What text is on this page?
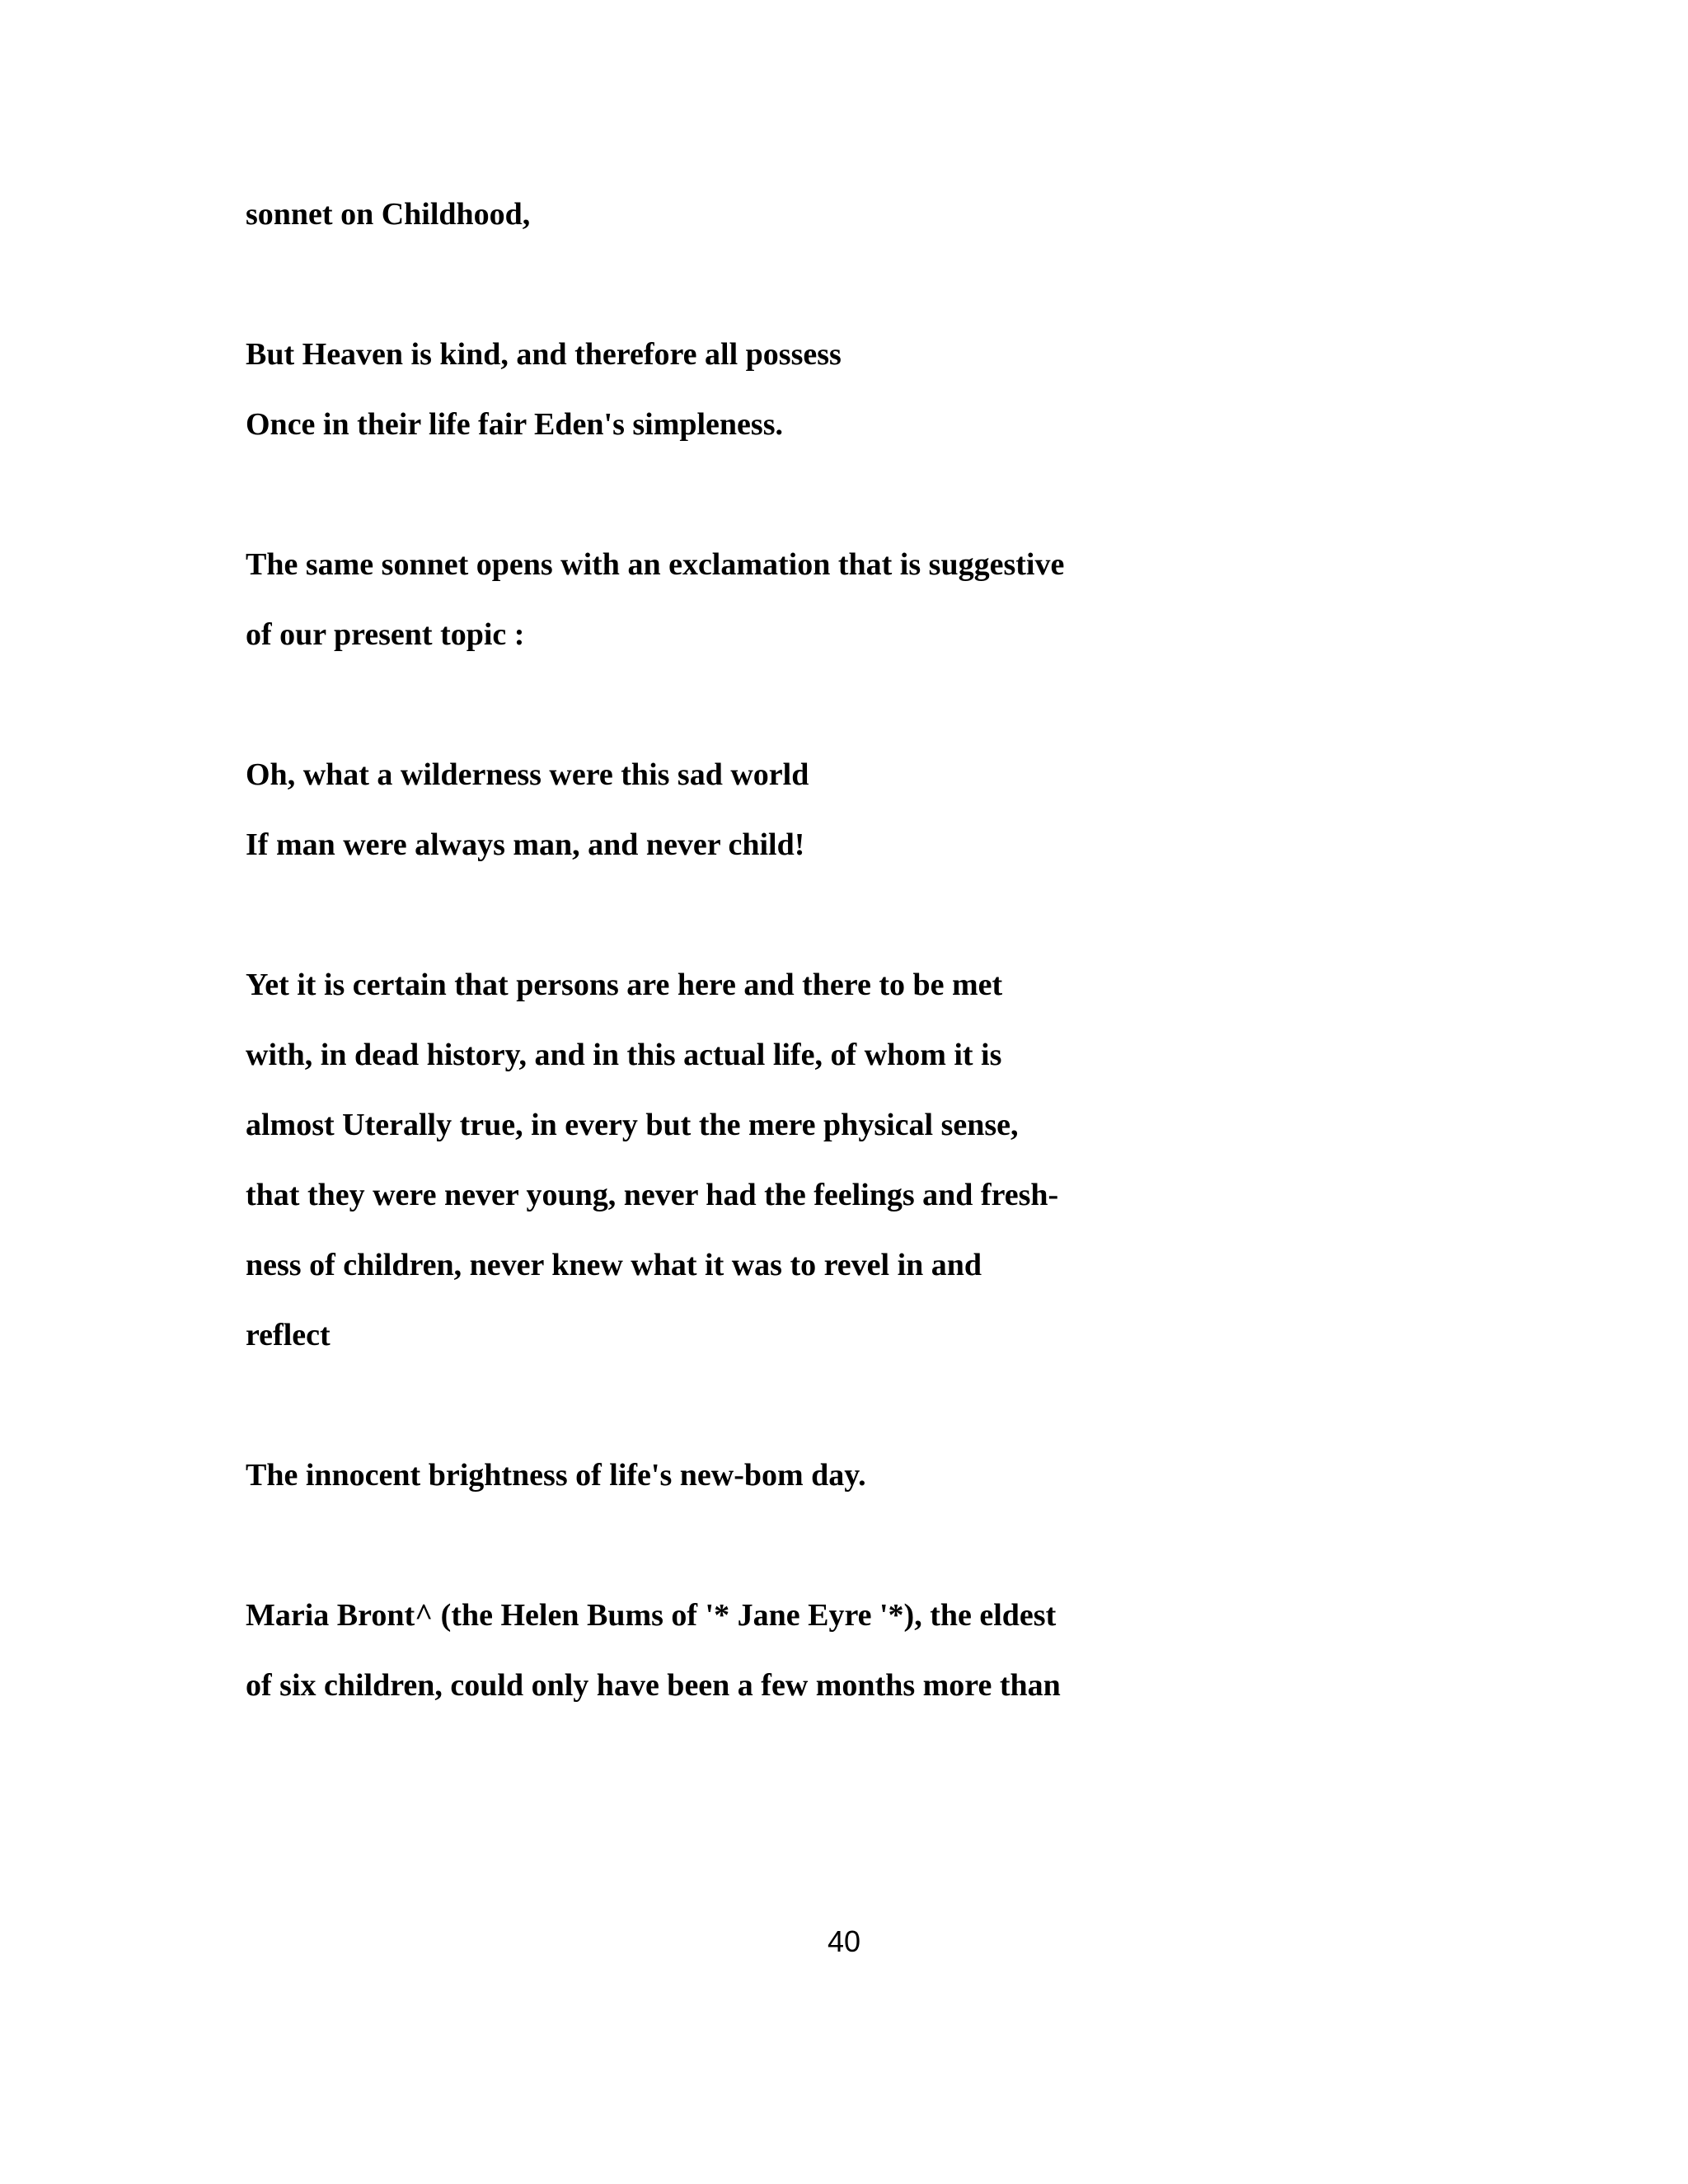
sonnet on Childhood,

But Heaven is kind, and therefore all possess

Once in their life fair Eden's simpleness.

The same sonnet opens with an exclamation that is suggestive

of our present topic :

Oh, what a wilderness were this sad world

If man were always man, and never child!

Yet it is certain that persons are here and there to be met

with, in dead history, and in this actual life, of whom it is

almost Uterally true, in every but the mere physical sense,

that they were never young, never had the feelings and fresh-

ness of children, never knew what it was to revel in and

reflect

The innocent brightness of life's new-bom day.

Maria Bront^ (the Helen Bums of '* Jane Eyre '*), the eldest

of six children, could only have been a few months more than

40
